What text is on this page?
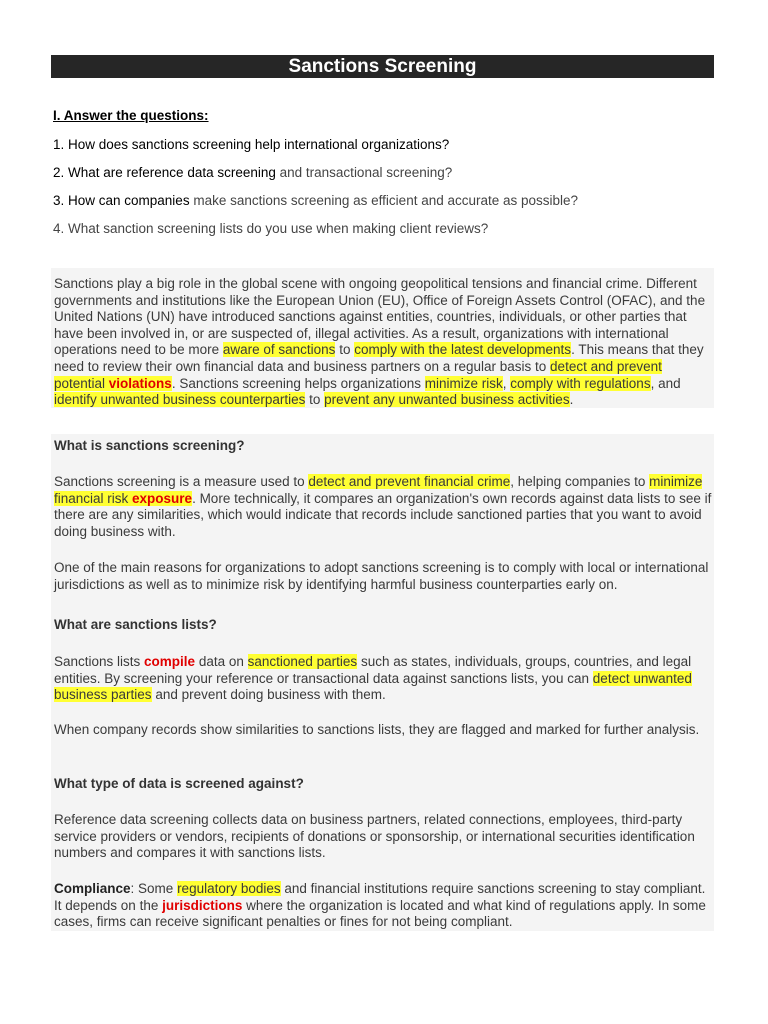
Sanctions Screening
I. Answer the questions:
1. How does sanctions screening help international organizations?
2. What are reference data screening and transactional screening?
3. How can companies make sanctions screening as efficient and accurate as possible?
4. What sanction screening lists do you use when making client reviews?
Sanctions play a big role in the global scene with ongoing geopolitical tensions and financial crime. Different governments and institutions like the European Union (EU), Office of Foreign Assets Control (OFAC), and the United Nations (UN) have introduced sanctions against entities, countries, individuals, or other parties that have been involved in, or are suspected of, illegal activities. As a result, organizations with international operations need to be more aware of sanctions to comply with the latest developments. This means that they need to review their own financial data and business partners on a regular basis to detect and prevent potential violations. Sanctions screening helps organizations minimize risk, comply with regulations, and identify unwanted business counterparties to prevent any unwanted business activities.
What is sanctions screening?
Sanctions screening is a measure used to detect and prevent financial crime, helping companies to minimize financial risk exposure. More technically, it compares an organization's own records against data lists to see if there are any similarities, which would indicate that records include sanctioned parties that you want to avoid doing business with.
One of the main reasons for organizations to adopt sanctions screening is to comply with local or international jurisdictions as well as to minimize risk by identifying harmful business counterparties early on.
What are sanctions lists?
Sanctions lists compile data on sanctioned parties such as states, individuals, groups, countries, and legal entities. By screening your reference or transactional data against sanctions lists, you can detect unwanted business parties and prevent doing business with them.
When company records show similarities to sanctions lists, they are flagged and marked for further analysis.
What type of data is screened against?
Reference data screening collects data on business partners, related connections, employees, third-party service providers or vendors, recipients of donations or sponsorship, or international securities identification numbers and compares it with sanctions lists.
Compliance: Some regulatory bodies and financial institutions require sanctions screening to stay compliant. It depends on the jurisdictions where the organization is located and what kind of regulations apply. In some cases, firms can receive significant penalties or fines for not being compliant.
